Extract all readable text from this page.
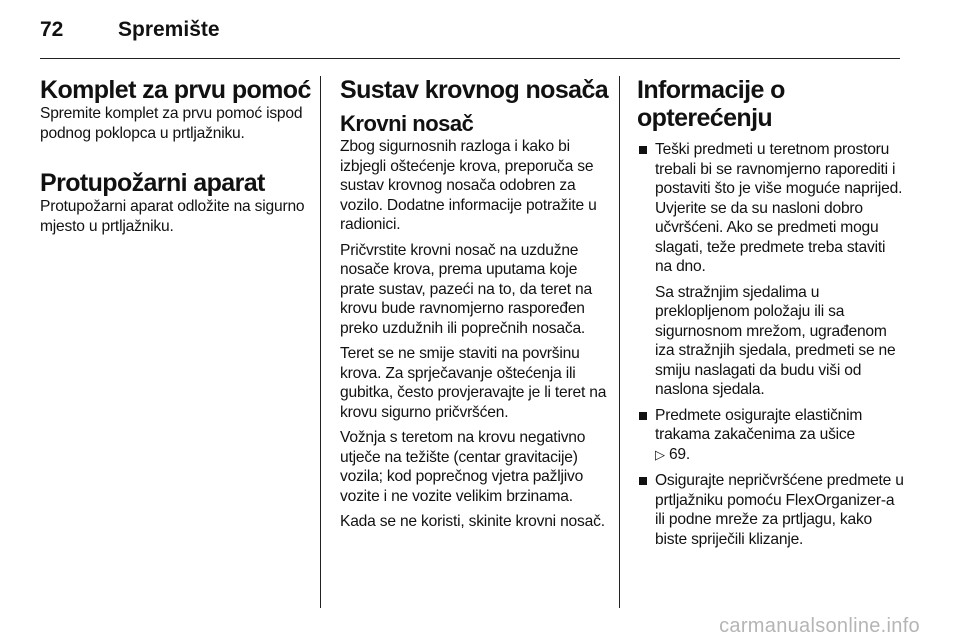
72	Spremište
Komplet za prvu pomoć

Spremite komplet za prvu pomoć ispod podnog poklopca u prtljažniku.

Protupožarni aparat

Protupožarni aparat odložite na sigurno mjesto u prtljažniku.

Sustav krovnog nosača
Krovni nosač

Zbog sigurnosnih razloga i kako bi izbjegli oštećenje krova, preporuča se sustav krovnog nosača odobren za vozilo. Dodatne informacije potražite u radionici.

Pričvrstite krovni nosač na uzdužne nosače krova, prema uputama koje prate sustav, pazeći na to, da teret na krovu bude ravnomjerno raspoređen preko uzdužnih ili poprečnih nosača.

Teret se ne smije staviti na površinu krova. Za sprječavanje oštećenja ili gubitka, često provjeravajte je li teret na krovu sigurno pričvršćen.

Vožnja s teretom na krovu negativno utječe na težište (centar gravitacije) vozila; kod poprečnog vjetra pažljivo vozite i ne vozite velikim brzinama.

Kada se ne koristi, skinite krovni nosač.

Informacije o opterećenju

Teški predmeti u teretnom prostoru trebali bi se ravnomjerno raporediti i postaviti što je više moguće naprijed. Uvjerite se da su nasloni dobro učvršćeni. Ako se predmeti mogu slagati, teže predmete treba staviti na dno.

Sa stražnjim sjedalima u preklopljenom položaju ili sa sigurnosnom mrežom, ugrađenom iza stražnjih sjedala, predmeti se ne smiju naslagati da budu viši od naslona sjedala.

Predmete osigurajte elastičnim trakama zakačenima za ušice
▷ 69.

Osigurajte nepričvršćene predmete u prtljažniku pomoću FlexOrganizer-a ili podne mreže za prtljagu, kako biste spriječili klizanje.

carmanualsonline.info
